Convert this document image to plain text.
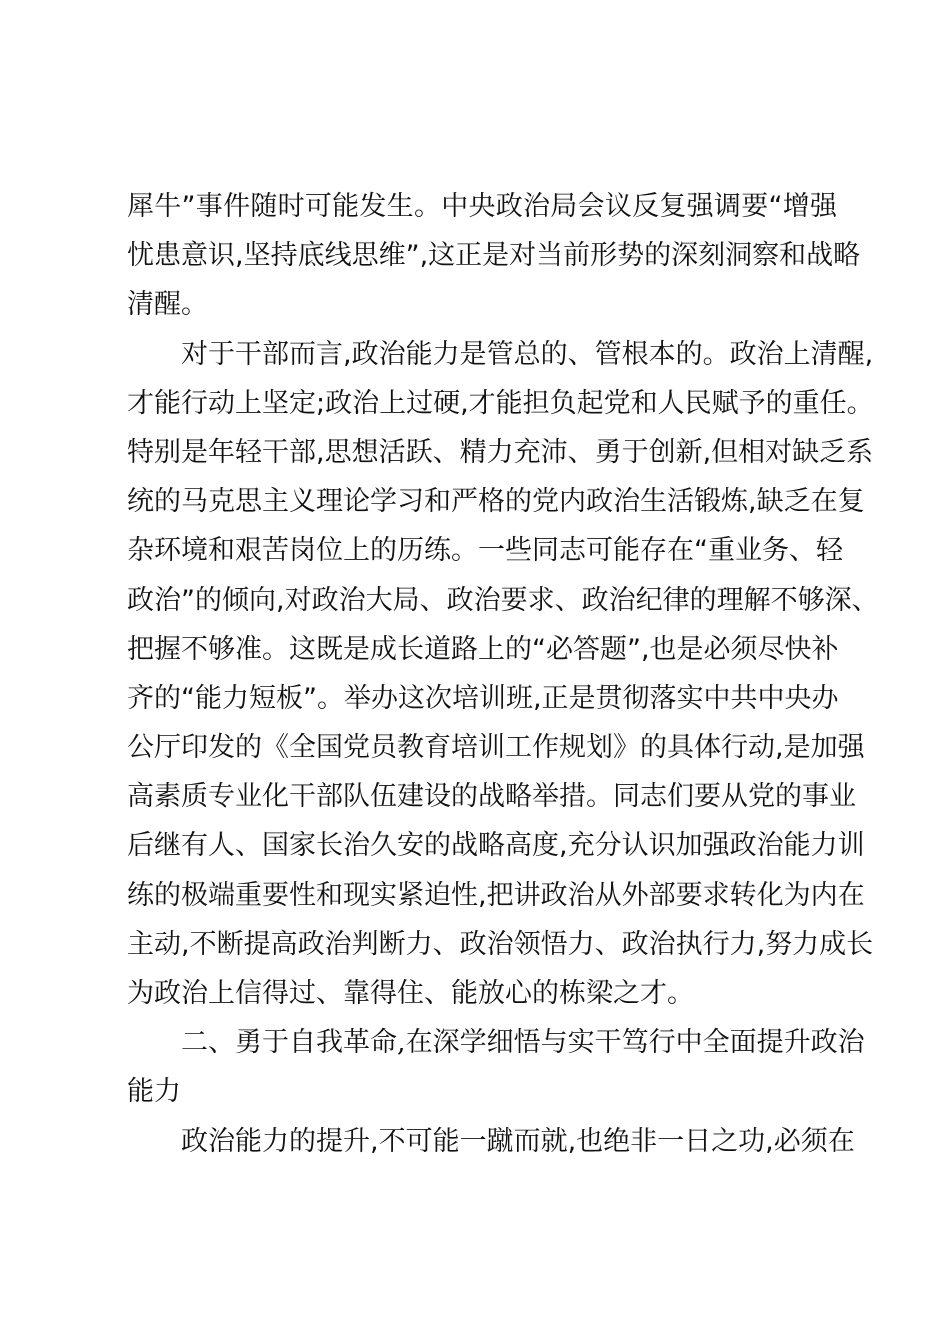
犀牛”事件随时可能发生。中央政治局会议反复强调要“增强
忧患意识,坚持底线思维”,这正是对当前形势的深刻洞察和战略
清醒。
对于干部而言,政治能力是管总的、管根本的。政治上清醒,
才能行动上坚定;政治上过硬,才能担负起党和人民赋予的重任。
特别是年轻干部,思想活跃、精力充沛、勇于创新,但相对缺乏系
统的马克思主义理论学习和严格的党内政治生活锻炼,缺乏在复
杂环境和艰苦岗位上的历练。一些同志可能存在“重业务、轻
政治”的倾向,对政治大局、政治要求、政治纪律的理解不够深、
把握不够准。这既是成长道路上的“必答题”,也是必须尽快补
齐的“能力短板”。举办这次培训班,正是贯彻落实中共中央办
公厅印发的《全国党员教育培训工作规划》的具体行动,是加强
高素质专业化干部队伍建设的战略举措。同志们要从党的事业
后继有人、国家长治久安的战略高度,充分认识加强政治能力训
练的极端重要性和现实紧迫性,把讲政治从外部要求转化为内在
主动,不断提高政治判断力、政治领悟力、政治执行力,努力成长
为政治上信得过、靠得住、能放心的栋梁之才。
二、勇于自我革命,在深学细悟与实干笃行中全面提升政治
能力
政治能力的提升,不可能一蹴而就,也绝非一日之功,必须在
